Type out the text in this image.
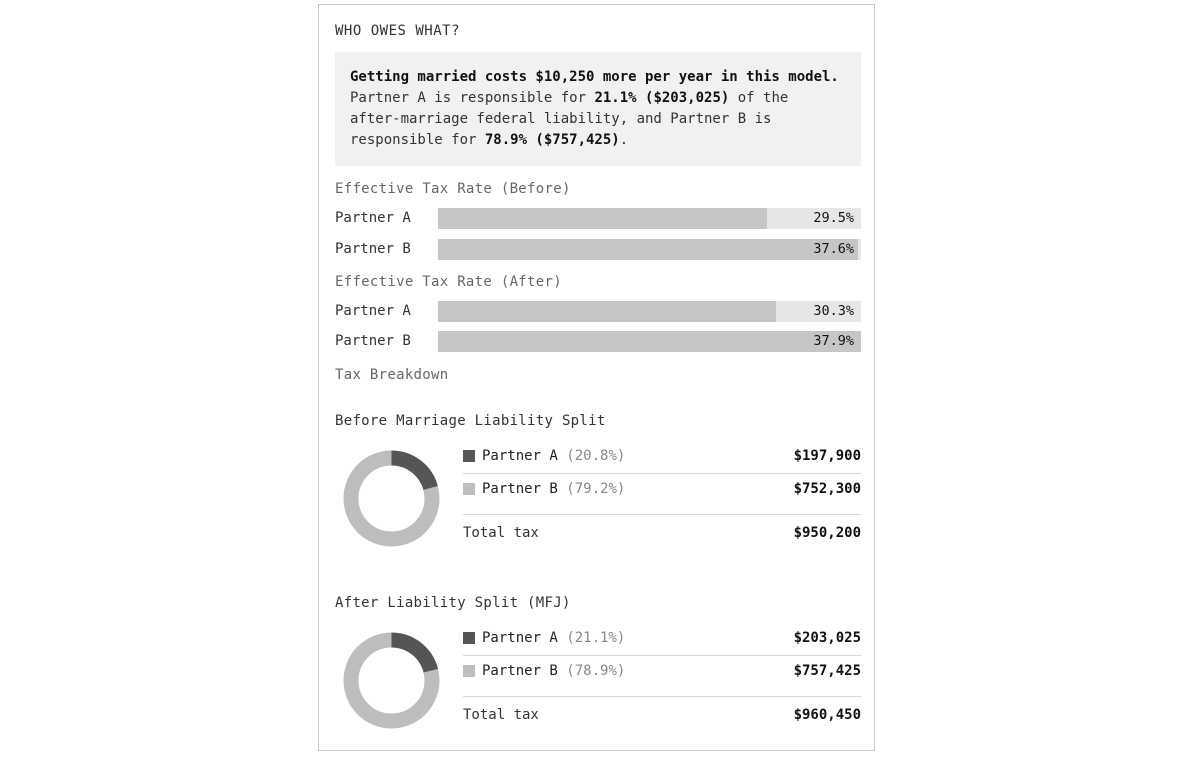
WHO OWES WHAT?
Getting married costs $10,250 more per year in this model. Partner A is responsible for 21.1% ($203,025) of the after-marriage federal liability, and Partner B is responsible for 78.9% ($757,425).
Effective Tax Rate (Before)
Partner A	29.5%
Partner B	37.6%
Effective Tax Rate (After)
Partner A	30.3%
Partner B	37.9%
Tax Breakdown
Before Marriage Liability Split
Partner A (20.8%)	$197,900
Partner B (79.2%)	$752,300
Total tax	$950,200
After Liability Split (MFJ)
Partner A (21.1%)	$203,025
Partner B (78.9%)	$757,425
Total tax	$960,450
